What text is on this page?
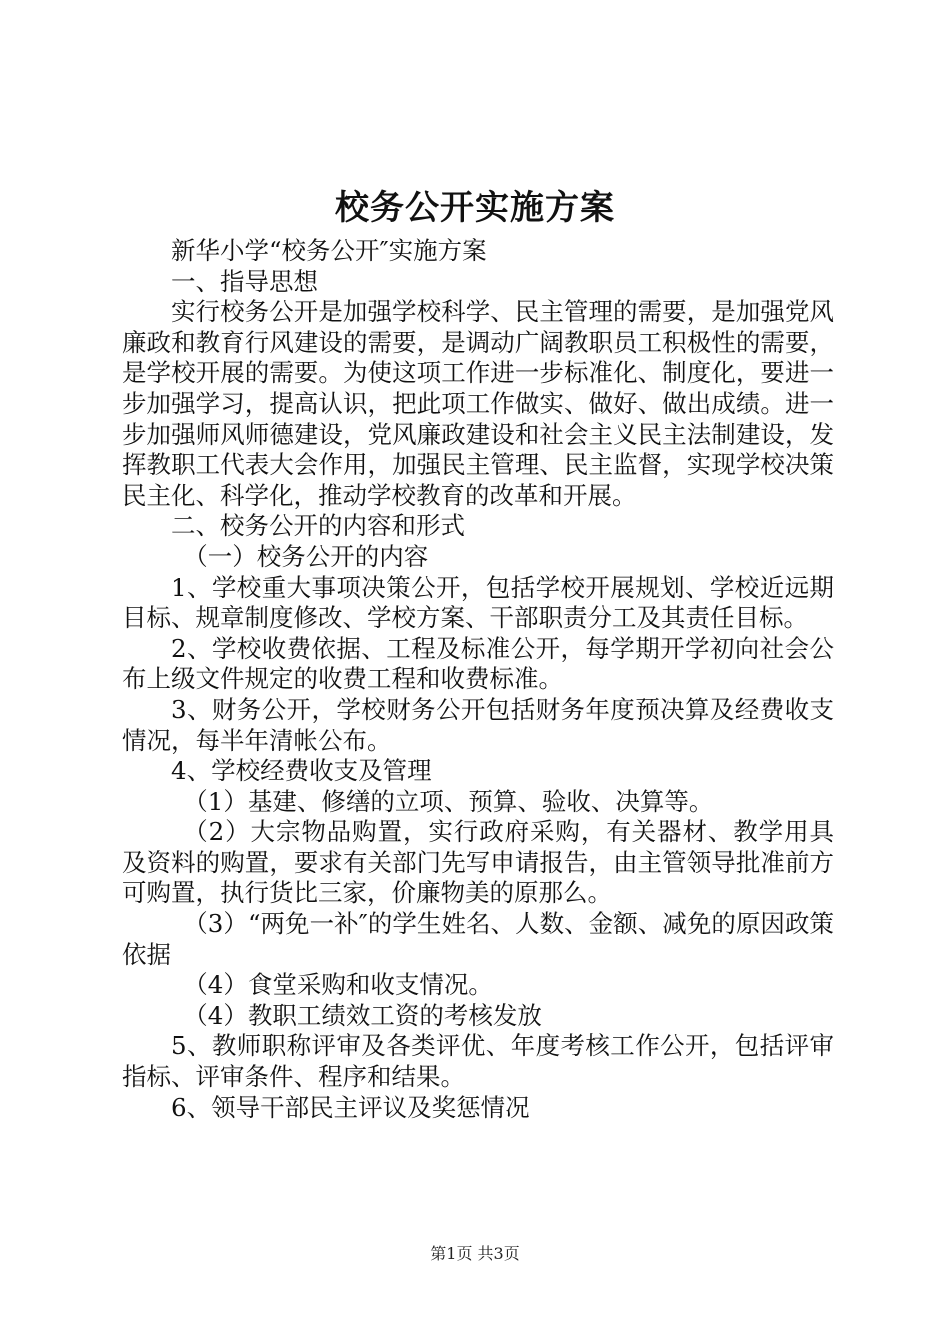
校务公开实施方案

新华小学“校务公开″实施方案

一、指导思想

实行校务公开是加强学校科学、民主管理的需要，是加强党风廉政和教育行风建设的需要，是调动广阔教职员工积极性的需要，是学校开展的需要。为使这项工作进一步标准化、制度化，要进一步加强学习，提高认识，把此项工作做实、做好、做出成绩。进一步加强师风师德建设，党风廉政建设和社会主义民主法制建设，发挥教职工代表大会作用，加强民主管理、民主监督，实现学校决策民主化、科学化，推动学校教育的改革和开展。

二、校务公开的内容和形式

（一）校务公开的内容

1、学校重大事项决策公开，包括学校开展规划、学校近远期目标、规章制度修改、学校方案、干部职责分工及其责任目标。

2、学校收费依据、工程及标准公开，每学期开学初向社会公布上级文件规定的收费工程和收费标准。

3、财务公开，学校财务公开包括财务年度预决算及经费收支情况，每半年清帐公布。

4、学校经费收支及管理

（1）基建、修缮的立项、预算、验收、决算等。

（2）大宗物品购置，实行政府采购，有关器材、教学用具及资料的购置，要求有关部门先写申请报告，由主管领导批准前方可购置，执行货比三家，价廉物美的原那么。

（3）“两免一补″的学生姓名、人数、金额、减免的原因政策依据

（4）食堂采购和收支情况。

（4）教职工绩效工资的考核发放

5、教师职称评审及各类评优、年度考核工作公开，包括评审指标、评审条件、程序和结果。

6、领导干部民主评议及奖惩情况

第1页 共3页
